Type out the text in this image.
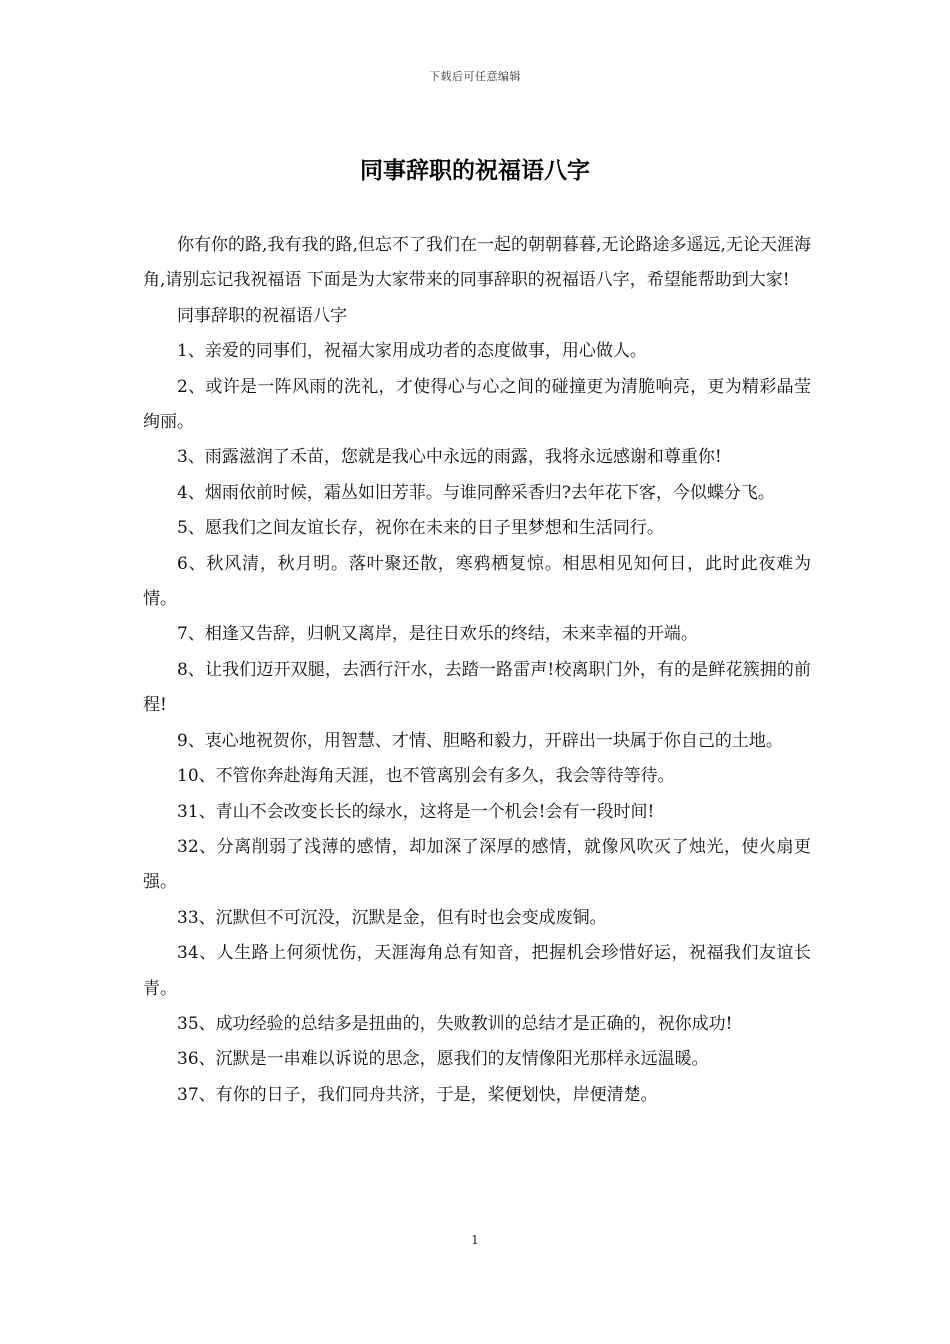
下载后可任意编辑
同事辞职的祝福语八字

你有你的路,我有我的路,但忘不了我们在一起的朝朝暮暮,无论路途多遥远,无论天涯海角,请别忘记我祝福语 下面是为大家带来的同事辞职的祝福语八字，希望能帮助到大家!

同事辞职的祝福语八字

1、亲爱的同事们，祝福大家用成功者的态度做事，用心做人。

2、或许是一阵风雨的洗礼，才使得心与心之间的碰撞更为清脆响亮，更为精彩晶莹绚丽。

3、雨露滋润了禾苗，您就是我心中永远的雨露，我将永远感谢和尊重你!

4、烟雨依前时候，霜丛如旧芳菲。与谁同醉采香归?去年花下客，今似蝶分飞。

5、愿我们之间友谊长存，祝你在未来的日子里梦想和生活同行。

6、秋风清，秋月明。落叶聚还散，寒鸦栖复惊。相思相见知何日，此时此夜难为情。

7、相逢又告辞，归帆又离岸，是往日欢乐的终结，未来幸福的开端。

8、让我们迈开双腿，去洒行汗水，去踏一路雷声!校离职门外，有的是鲜花簇拥的前程!

9、衷心地祝贺你，用智慧、才情、胆略和毅力，开辟出一块属于你自己的土地。

10、不管你奔赴海角天涯，也不管离别会有多久，我会等待等待。

31、青山不会改变长长的绿水，这将是一个机会!会有一段时间!

32、分离削弱了浅薄的感情，却加深了深厚的感情，就像风吹灭了烛光，使火扇更强。

33、沉默但不可沉没，沉默是金，但有时也会变成废铜。

34、人生路上何须忧伤，天涯海角总有知音，把握机会珍惜好运，祝福我们友谊长青。

35、成功经验的总结多是扭曲的，失败教训的总结才是正确的，祝你成功!

36、沉默是一串难以诉说的思念，愿我们的友情像阳光那样永远温暖。

37、有你的日子，我们同舟共济，于是，桨便划快，岸便清楚。

1
